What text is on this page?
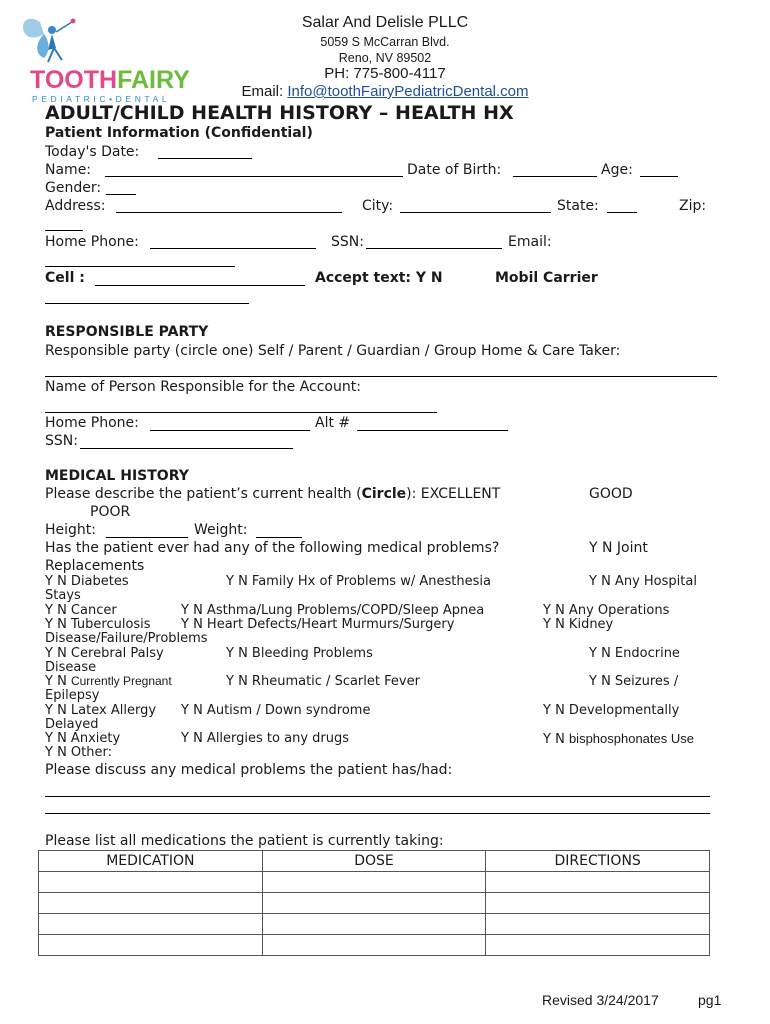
TOOTHFAIRY
PEDIATRIC•DENTAL
Salar And Delisle PLLC
5059 S McCarran Blvd.
Reno, NV 89502
PH: 775-800-4117
Email: Info@toothFairyPediatricDental.com
ADULT/CHILD HEALTH HISTORY – HEALTH HX
Patient Information (Confidential)
Today's Date:
Name:	Date of Birth:	Age:
Gender:
Address:	City:	State:	Zip:
Home Phone:	SSN:	Email:
Cell :	Accept text: Y N	Mobil Carrier
RESPONSIBLE PARTY
Responsible party (circle one) Self / Parent / Guardian / Group Home & Care Taker:
Name of Person Responsible for the Account:
Home Phone:	Alt #
SSN:
MEDICAL HISTORY
Please describe the patient’s current health (Circle): EXCELLENT	GOOD
POOR
Height:	Weight:
Has the patient ever had any of the following medical problems?	Y N Joint
Replacements
Y N Diabetes	Y N Family Hx of Problems w/ Anesthesia	Y N Any Hospital
Stays
Y N Cancer	Y N Asthma/Lung Problems/COPD/Sleep Apnea	Y N Any Operations
Y N Tuberculosis Y N Heart Defects/Heart Murmurs/Surgery	Y N Kidney
Disease/Failure/Problems
Y N Cerebral Palsy	Y N Bleeding Problems	Y N Endocrine
Disease
Y N Currently Pregnant	Y N Rheumatic / Scarlet Fever	Y N Seizures /
Epilepsy
Y N Latex Allergy Y N Autism / Down syndrome	Y N Developmentally
Delayed
Y N Anxiety	Y N Allergies to any drugs	Y N bisphosphonates Use
Y N Other:
Please discuss any medical problems the patient has/had:
Please list all medications the patient is currently taking:
MEDICATION	DOSE	DIRECTIONS

Revised 3/24/2017	pg1
